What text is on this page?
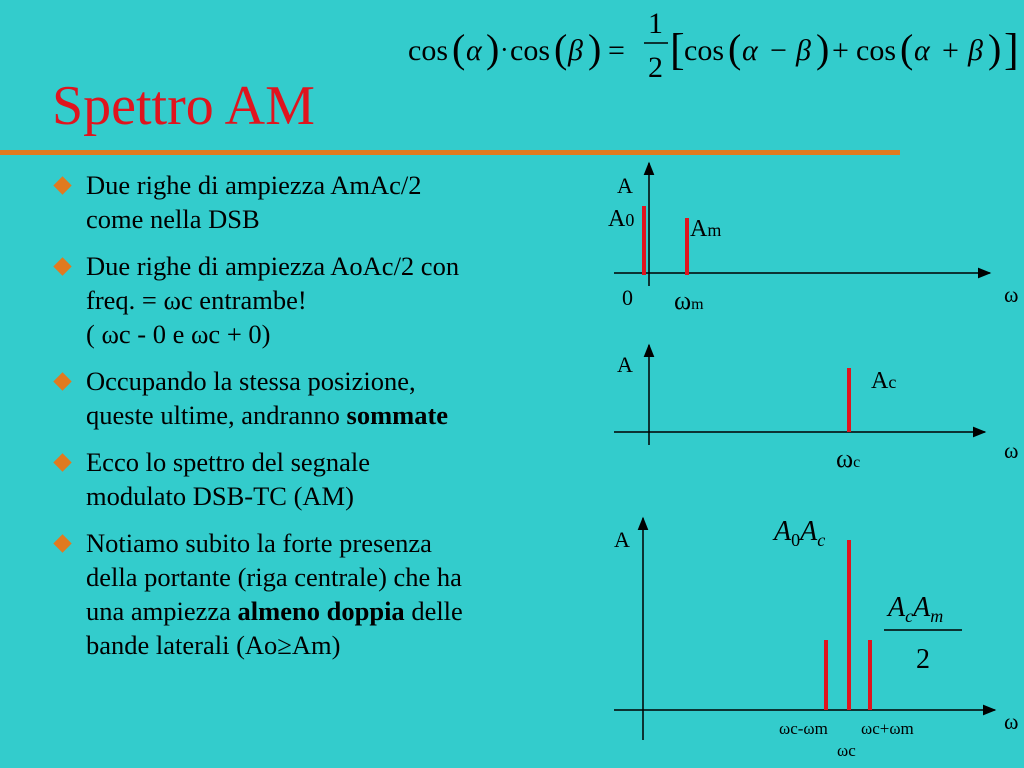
Spettro AM
cos ( α ) · cos ( β ) =
1
2 [ cos ( α − β ) + cos ( α + β ) ]
Due righe di ampiezza AmAc/2
come nella DSB
Due righe di ampiezza AoAc/2 con
freq. = ωc entrambe!
( ωc - 0 e ωc + 0)
Occupando la stessa posizione,
queste ultime, andranno sommate
Ecco lo spettro del segnale
modulato DSB-TC (AM)
Notiamo subito la forte presenza
della portante (riga centrale) che ha
una ampiezza almeno doppia delle
bande laterali (Ao≥Am)
A
A0 Am
0 ωm	ω
A
Ac
ωc	ω
A	$A_0A_c$
$A_cA_m$
2
ωc-ωm ωc+ωm
ωc
ω
